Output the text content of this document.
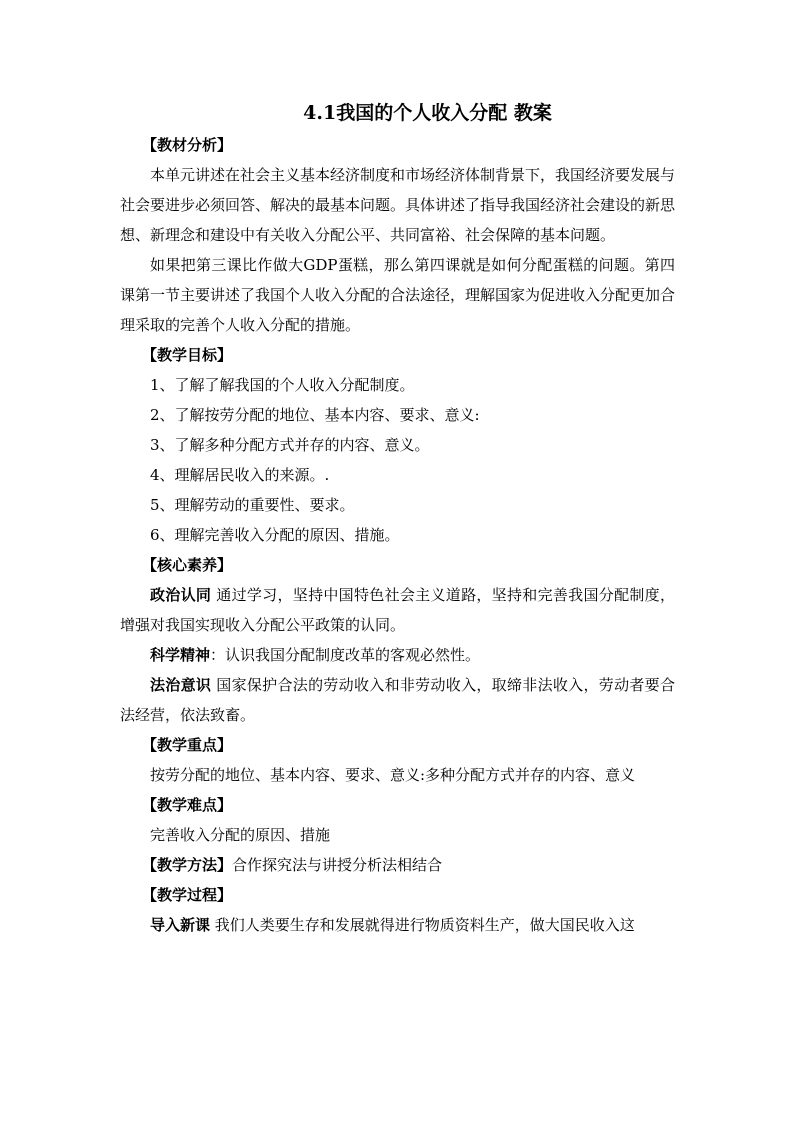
4.1我国的个人收入分配 教案
【教材分析】

本单元讲述在社会主义基本经济制度和市场经济体制背景下，我国经济要发展与社会要进步必须回答、解决的最基本问题。具体讲述了指导我国经济社会建设的新思想、新理念和建设中有关收入分配公平、共同富裕、社会保障的基本问题。

如果把第三课比作做大GDP蛋糕，那么第四课就是如何分配蛋糕的问题。第四课第一节主要讲述了我国个人收入分配的合法途径，理解国家为促进收入分配更加合理采取的完善个人收入分配的措施。

【教学目标】
1、了解了解我国的个人收入分配制度。
2、了解按劳分配的地位、基本内容、要求、意义:
3、了解多种分配方式并存的内容、意义。
4、理解居民收入的来源。.
5、理解劳动的重要性、要求。
6、理解完善收入分配的原因、措施。
【核心素养】

政治认同 通过学习，坚持中国特色社会主义道路，坚持和完善我国分配制度，增强对我国实现收入分配公平政策的认同。

科学精神：认识我国分配制度改革的客观必然性。

法治意识 国家保护合法的劳动收入和非劳动收入，取缔非法收入，劳动者要合法经营，依法致畜。

【教学重点】
按劳分配的地位、基本内容、要求、意义:多种分配方式并存的内容、意义
【教学难点】
完善收入分配的原因、措施
【教学方法】合作探究法与讲授分析法相结合
【教学过程】

导入新课 我们人类要生存和发展就得进行物质资料生产，做大国民收入这
